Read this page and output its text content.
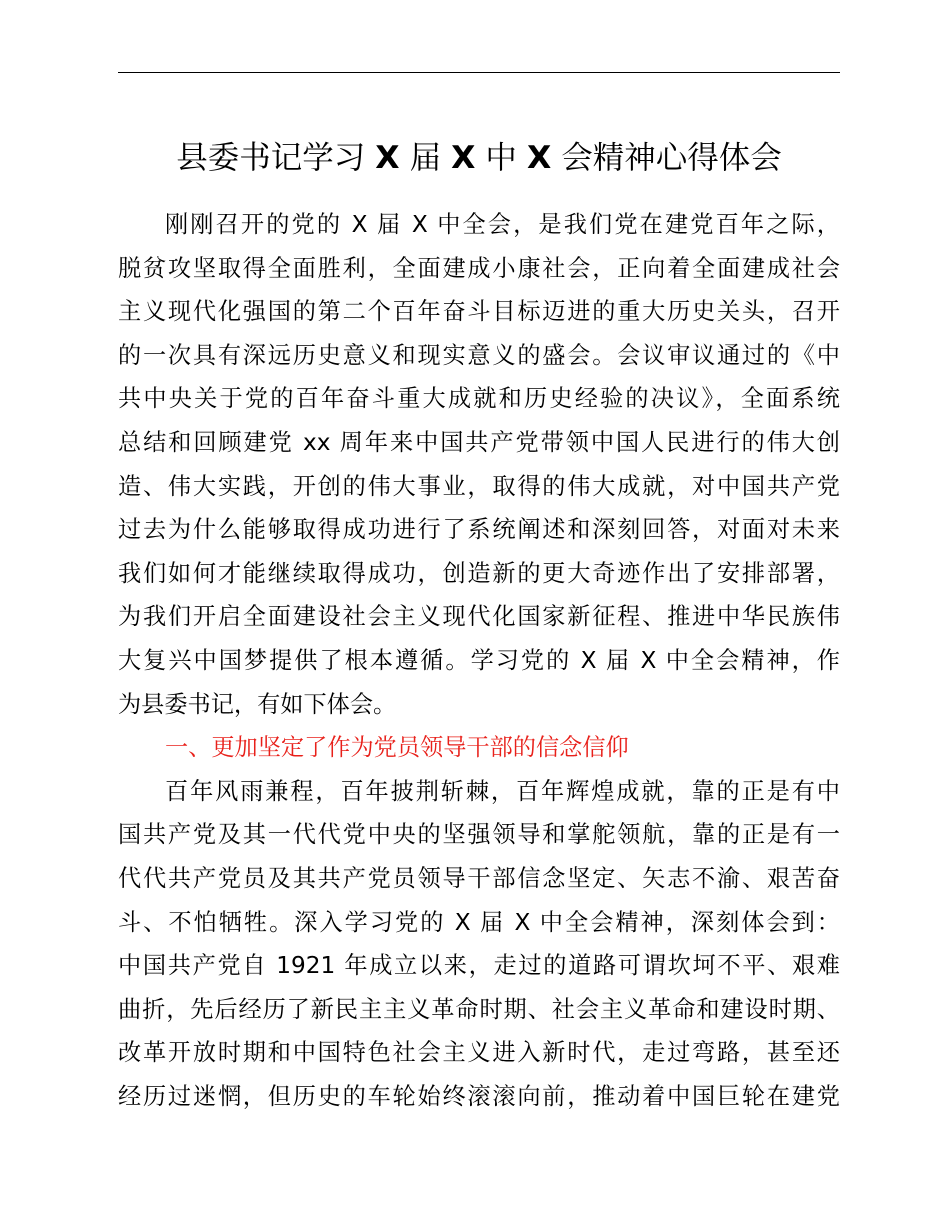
县委书记学习 X 届 X 中 X 会精神心得体会
刚刚召开的党的 X 届 X 中全会，是我们党在建党百年之际，
脱贫攻坚取得全面胜利，全面建成小康社会，正向着全面建成社会
主义现代化强国的第二个百年奋斗目标迈进的重大历史关头，召开
的一次具有深远历史意义和现实意义的盛会。会议审议通过的《中
共中央关于党的百年奋斗重大成就和历史经验的决议》，全面系统
总结和回顾建党 xx 周年来中国共产党带领中国人民进行的伟大创
造、伟大实践，开创的伟大事业，取得的伟大成就，对中国共产党
过去为什么能够取得成功进行了系统阐述和深刻回答，对面对未来
我们如何才能继续取得成功，创造新的更大奇迹作出了安排部署，
为我们开启全面建设社会主义现代化国家新征程、推进中华民族伟
大复兴中国梦提供了根本遵循。学习党的 X 届 X 中全会精神，作
为县委书记，有如下体会。
一、更加坚定了作为党员领导干部的信念信仰
百年风雨兼程，百年披荆斩棘，百年辉煌成就，靠的正是有中
国共产党及其一代代党中央的坚强领导和掌舵领航，靠的正是有一
代代共产党员及其共产党员领导干部信念坚定、矢志不渝、艰苦奋
斗、不怕牺牲。深入学习党的 X 届 X 中全会精神，深刻体会到：
中国共产党自 1921 年成立以来，走过的道路可谓坎坷不平、艰难
曲折，先后经历了新民主主义革命时期、社会主义革命和建设时期、
改革开放时期和中国特色社会主义进入新时代，走过弯路，甚至还
经历过迷惘，但历史的车轮始终滚滚向前，推动着中国巨轮在建党
